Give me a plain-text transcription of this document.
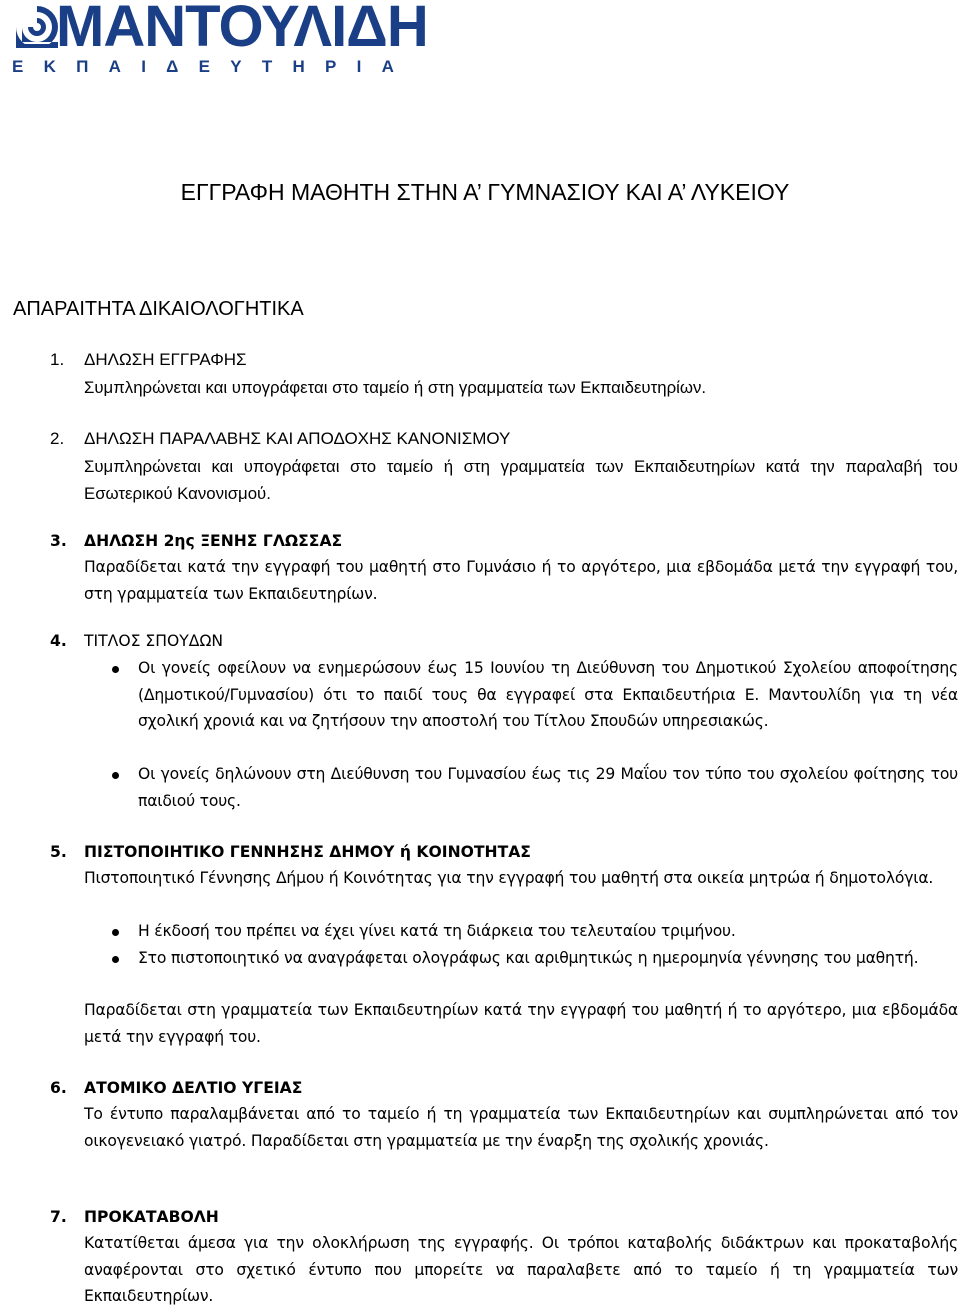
ΜΑΝΤΟΥΛΙΔΗ
Ε Κ Π Α Ι Δ Ε Υ Τ Η Ρ Ι Α
ΕΓΓΡΑΦΗ ΜΑΘΗΤΗ ΣΤΗΝ Α’ ΓΥΜΝΑΣΙΟΥ ΚΑΙ Α’ ΛΥΚΕΙΟΥ
ΑΠΑΡΑΙΤΗΤΑ ΔΙΚΑΙΟΛΟΓΗΤΙΚΑ
1. ΔΗΛΩΣΗ ΕΓΓΡΑΦΗΣ
Συμπληρώνεται και υπογράφεται στο ταμείο ή στη γραμματεία των Εκπαιδευτηρίων.
2. ΔΗΛΩΣΗ ΠΑΡΑΛΑΒΗΣ ΚΑΙ ΑΠΟΔΟΧΗΣ ΚΑΝΟΝΙΣΜΟΥ
Συμπληρώνεται και υπογράφεται στο ταμείο ή στη γραμματεία των Εκπαιδευτηρίων κατά την παραλαβή του Εσωτερικού Κανονισμού.
3. ΔΗΛΩΣΗ 2ης ΞΕΝΗΣ ΓΛΩΣΣΑΣ
Παραδίδεται κατά την εγγραφή του μαθητή στο Γυμνάσιο ή το αργότερο, μια εβδομάδα μετά την εγγραφή του, στη γραμματεία των Εκπαιδευτηρίων.
4. ΤΙΤΛΟΣ ΣΠΟΥΔΩΝ
Οι γονείς οφείλουν να ενημερώσουν έως 15 Ιουνίου τη Διεύθυνση του Δημοτικού Σχολείου αποφοίτησης (Δημοτικού/Γυμνασίου) ότι το παιδί τους θα εγγραφεί στα Εκπαιδευτήρια Ε. Μαντουλίδη για τη νέα σχολική χρονιά και να ζητήσουν την αποστολή του Τίτλου Σπουδών υπηρεσιακώς.
Οι γονείς δηλώνουν στη Διεύθυνση του Γυμνασίου έως τις 29 Μαΐου τον τύπο του σχολείου φοίτησης του παιδιού τους.
5. ΠΙΣΤΟΠΟΙΗΤΙΚΟ ΓΕΝΝΗΣΗΣ ΔΗΜΟΥ ή ΚΟΙΝΟΤΗΤΑΣ
Πιστοποιητικό Γέννησης Δήμου ή Κοινότητας για την εγγραφή του μαθητή στα οικεία μητρώα ή δημοτολόγια.
Η έκδοσή του πρέπει να έχει γίνει κατά τη διάρκεια του τελευταίου τριμήνου.
Στο πιστοποιητικό να αναγράφεται ολογράφως και αριθμητικώς η ημερομηνία γέννησης του μαθητή.
Παραδίδεται στη γραμματεία των Εκπαιδευτηρίων κατά την εγγραφή του μαθητή ή το αργότερο, μια εβδομάδα μετά την εγγραφή του.
6. ΑΤΟΜΙΚΟ ΔΕΛΤΙΟ ΥΓΕΙΑΣ
Το έντυπο παραλαμβάνεται από το ταμείο ή τη γραμματεία των Εκπαιδευτηρίων και συμπληρώνεται από τον οικογενειακό γιατρό. Παραδίδεται στη γραμματεία με την έναρξη της σχολικής χρονιάς.
7. ΠΡΟΚΑΤΑΒΟΛΗ
Κατατίθεται άμεσα για την ολοκλήρωση της εγγραφής. Οι τρόποι καταβολής διδάκτρων και προκαταβολής αναφέρονται στο σχετικό έντυπο που μπορείτε να παραλαβετε από το ταμείο ή τη γραμματεία των Εκπαιδευτηρίων.
